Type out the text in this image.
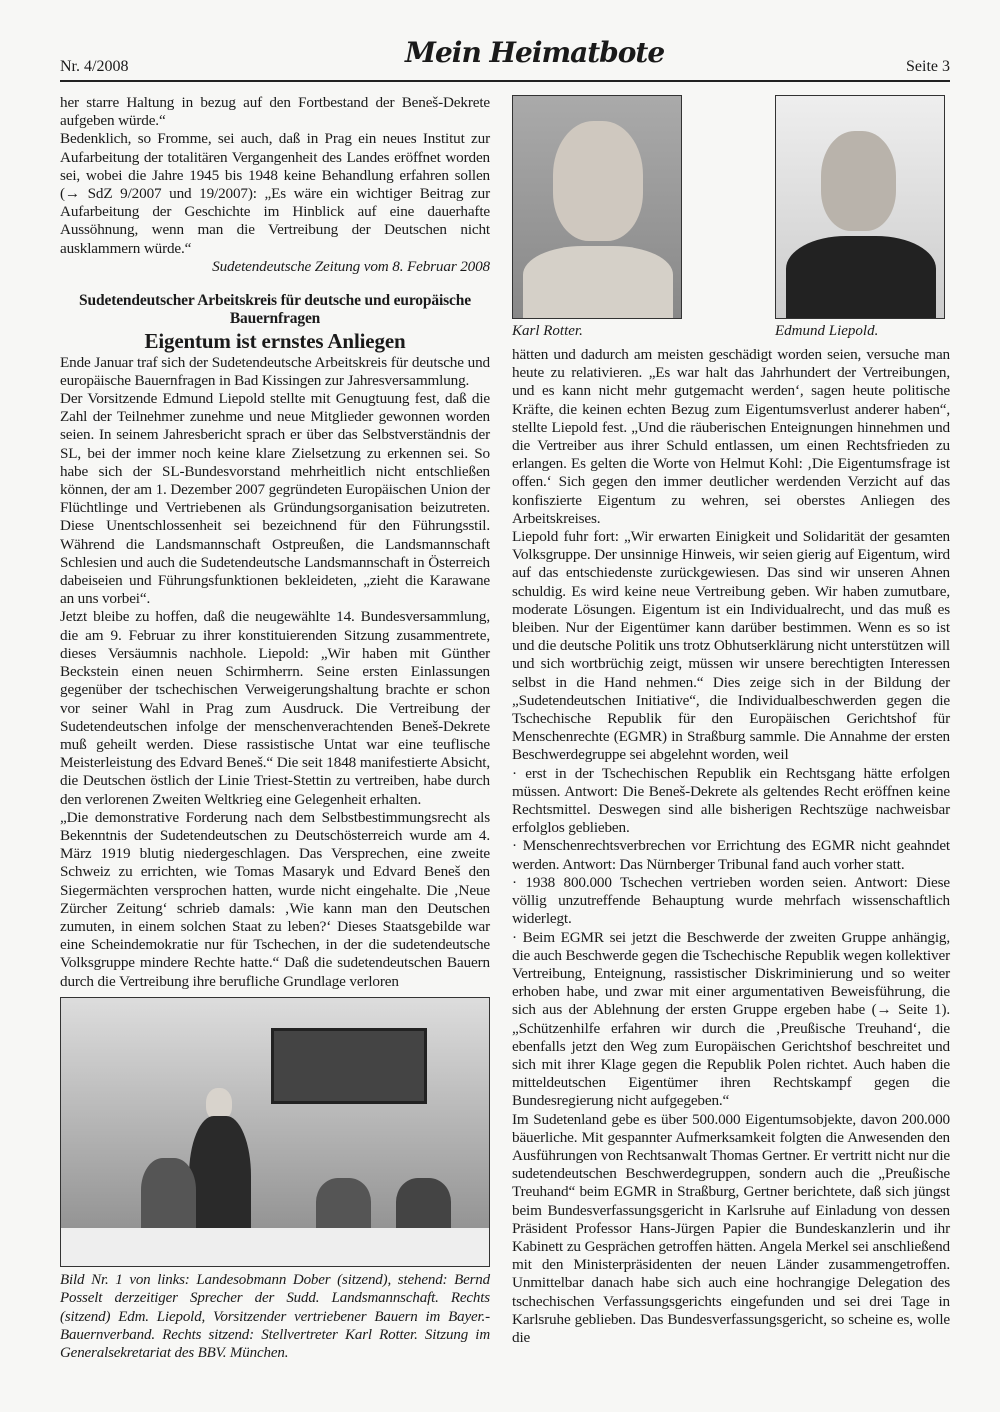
Nr. 4/2008	Mein Heimatbote	Seite 3

her starre Haltung in bezug auf den Fortbestand der Beneš-Dekrete aufgeben würde.“

Bedenklich, so Fromme, sei auch, daß in Prag ein neues Institut zur Aufarbeitung der totalitären Vergangenheit des Landes eröffnet worden sei, wobei die Jahre 1945 bis 1948 keine Behandlung erfahren sollen (→ SdZ 9/2007 und 19/2007): „Es wäre ein wichtiger Beitrag zur Aufarbeitung der Geschichte im Hinblick auf eine dauerhafte Aussöhnung, wenn man die Vertreibung der Deutschen nicht ausklammern würde.“

Sudetendeutsche Zeitung vom 8. Februar 2008

Sudetendeutscher Arbeitskreis für deutsche und europäische Bauernfragen
Eigentum ist ernstes Anliegen

Ende Januar traf sich der Sudetendeutsche Arbeitskreis für deutsche und europäische Bauernfragen in Bad Kissingen zur Jahresversammlung.

Der Vorsitzende Edmund Liepold stellte mit Genugtuung fest, daß die Zahl der Teilnehmer zunehme und neue Mitglieder gewonnen worden seien. In seinem Jahresbericht sprach er über das Selbstverständnis der SL, bei der immer noch keine klare Zielsetzung zu erkennen sei. So habe sich der SL-Bundesvorstand mehrheitlich nicht entschließen können, der am 1. Dezember 2007 gegründeten Europäischen Union der Flüchtlinge und Vertriebenen als Gründungsorganisation beizutreten. Diese Unentschlossenheit sei bezeichnend für den Führungsstil. Während die Landsmannschaft Ostpreußen, die Landsmannschaft Schlesien und auch die Sudetendeutsche Landsmannschaft in Österreich dabeiseien und Führungsfunktionen bekleideten, „zieht die Karawane an uns vorbei“.

Jetzt bleibe zu hoffen, daß die neugewählte 14. Bundesversammlung, die am 9. Februar zu ihrer konstituierenden Sitzung zusammentrete, dieses Versäumnis nachhole. Liepold: „Wir haben mit Günther Beckstein einen neuen Schirmherrn. Seine ersten Einlassungen gegenüber der tschechischen Verweigerungshaltung brachte er schon vor seiner Wahl in Prag zum Ausdruck. Die Vertreibung der Sudetendeutschen infolge der menschenverachtenden Beneš-Dekrete muß geheilt werden. Diese rassistische Untat war eine teuflische Meisterleistung des Edvard Beneš.“ Die seit 1848 manifestierte Absicht, die Deutschen östlich der Linie Triest-Stettin zu vertreiben, habe durch den verlorenen Zweiten Weltkrieg eine Gelegenheit erhalten.

„Die demonstrative Forderung nach dem Selbstbestimmungsrecht als Bekenntnis der Sudetendeutschen zu Deutschösterreich wurde am 4. März 1919 blutig niedergeschlagen. Das Versprechen, eine zweite Schweiz zu errichten, wie Tomas Masaryk und Edvard Beneš den Siegermächten versprochen hatten, wurde nicht eingehalte. Die ‚Neue Zürcher Zeitung‘ schrieb damals: ‚Wie kann man den Deutschen zumuten, in einem solchen Staat zu leben?‘ Dieses Staatsgebilde war eine Scheindemokratie nur für Tschechen, in der die sudetendeutsche Volksgruppe mindere Rechte hatte.“ Daß die sudetendeutschen Bauern durch die Vertreibung ihre berufliche Grundlage verloren

Bild Nr. 1 von links: Landesobmann Dober (sitzend), stehend: Bernd Posselt derzeitiger Sprecher der Sudd. Landsmannschaft. Rechts (sitzend) Edm. Liepold, Vorsitzender vertriebener Bauern im Bayer.-Bauernverband. Rechts sitzend: Stellvertreter Karl Rotter. Sitzung im Generalsekretariat des BBV. München.
Karl Rotter.	Edmund Liepold.

hätten und dadurch am meisten geschädigt worden seien, versuche man heute zu relativieren. „Es war halt das Jahrhundert der Vertreibungen, und es kann nicht mehr gutgemacht werden‘, sagen heute politische Kräfte, die keinen echten Bezug zum Eigentumsverlust anderer haben“, stellte Liepold fest. „Und die räuberischen Enteignungen hinnehmen und die Vertreiber aus ihrer Schuld entlassen, um einen Rechtsfrieden zu erlangen. Es gelten die Worte von Helmut Kohl: ‚Die Eigentumsfrage ist offen.‘ Sich gegen den immer deutlicher werdenden Verzicht auf das konfiszierte Eigentum zu wehren, sei oberstes Anliegen des Arbeitskreises.

Liepold fuhr fort: „Wir erwarten Einigkeit und Solidarität der gesamten Volksgruppe. Der unsinnige Hinweis, wir seien gierig auf Eigentum, wird auf das entschiedenste zurückgewiesen. Das sind wir unseren Ahnen schuldig. Es wird keine neue Vertreibung geben. Wir haben zumutbare, moderate Lösungen. Eigentum ist ein Individualrecht, und das muß es bleiben. Nur der Eigentümer kann darüber bestimmen. Wenn es so ist und die deutsche Politik uns trotz Obhutserklärung nicht unterstützen will und sich wortbrüchig zeigt, müssen wir unsere berechtigten Interessen selbst in die Hand nehmen.“ Dies zeige sich in der Bildung der „Sudetendeutschen Initiative“, die Individualbeschwerden gegen die Tschechische Republik für den Europäischen Gerichtshof für Menschenrechte (EGMR) in Straßburg sammle. Die Annahme der ersten Beschwerdegruppe sei abgelehnt worden, weil

· erst in der Tschechischen Republik ein Rechtsgang hätte erfolgen müssen. Antwort: Die Beneš-Dekrete als geltendes Recht eröffnen keine Rechtsmittel. Deswegen sind alle bisherigen Rechtszüge nachweisbar erfolglos geblieben.

· Menschenrechtsverbrechen vor Errichtung des EGMR nicht geahndet werden. Antwort: Das Nürnberger Tribunal fand auch vorher statt.

· 1938 800.000 Tschechen vertrieben worden seien. Antwort: Diese völlig unzutreffende Behauptung wurde mehrfach wissenschaftlich widerlegt.

· Beim EGMR sei jetzt die Beschwerde der zweiten Gruppe anhängig, die auch Beschwerde gegen die Tschechische Republik wegen kollektiver Vertreibung, Enteignung, rassistischer Diskriminierung und so weiter erhoben habe, und zwar mit einer argumentativen Beweisführung, die sich aus der Ablehnung der ersten Gruppe ergeben habe (→ Seite 1). „Schützenhilfe erfahren wir durch die ‚Preußische Treuhand‘, die ebenfalls jetzt den Weg zum Europäischen Gerichtshof beschreitet und sich mit ihrer Klage gegen die Republik Polen richtet. Auch haben die mitteldeutschen Eigentümer ihren Rechtskampf gegen die Bundesregierung nicht aufgegeben.“

Im Sudetenland gebe es über 500.000 Eigentumsobjekte, davon 200.000 bäuerliche. Mit gespannter Aufmerksamkeit folgten die Anwesenden den Ausführungen von Rechtsanwalt Thomas Gertner. Er vertritt nicht nur die sudetendeutschen Beschwerdegruppen, sondern auch die „Preußische Treuhand“ beim EGMR in Straßburg, Gertner berichtete, daß sich jüngst beim Bundesverfassungsgericht in Karlsruhe auf Einladung von dessen Präsident Professor Hans-Jürgen Papier die Bundeskanzlerin und ihr Kabinett zu Gesprächen getroffen hätten. Angela Merkel sei anschließend mit den Ministerpräsidenten der neuen Länder zusammengetroffen. Unmittelbar danach habe sich auch eine hochrangige Delegation des tschechischen Verfassungsgerichts eingefunden und sei drei Tage in Karlsruhe geblieben. Das Bundesverfassungsgericht, so scheine es, wolle die
